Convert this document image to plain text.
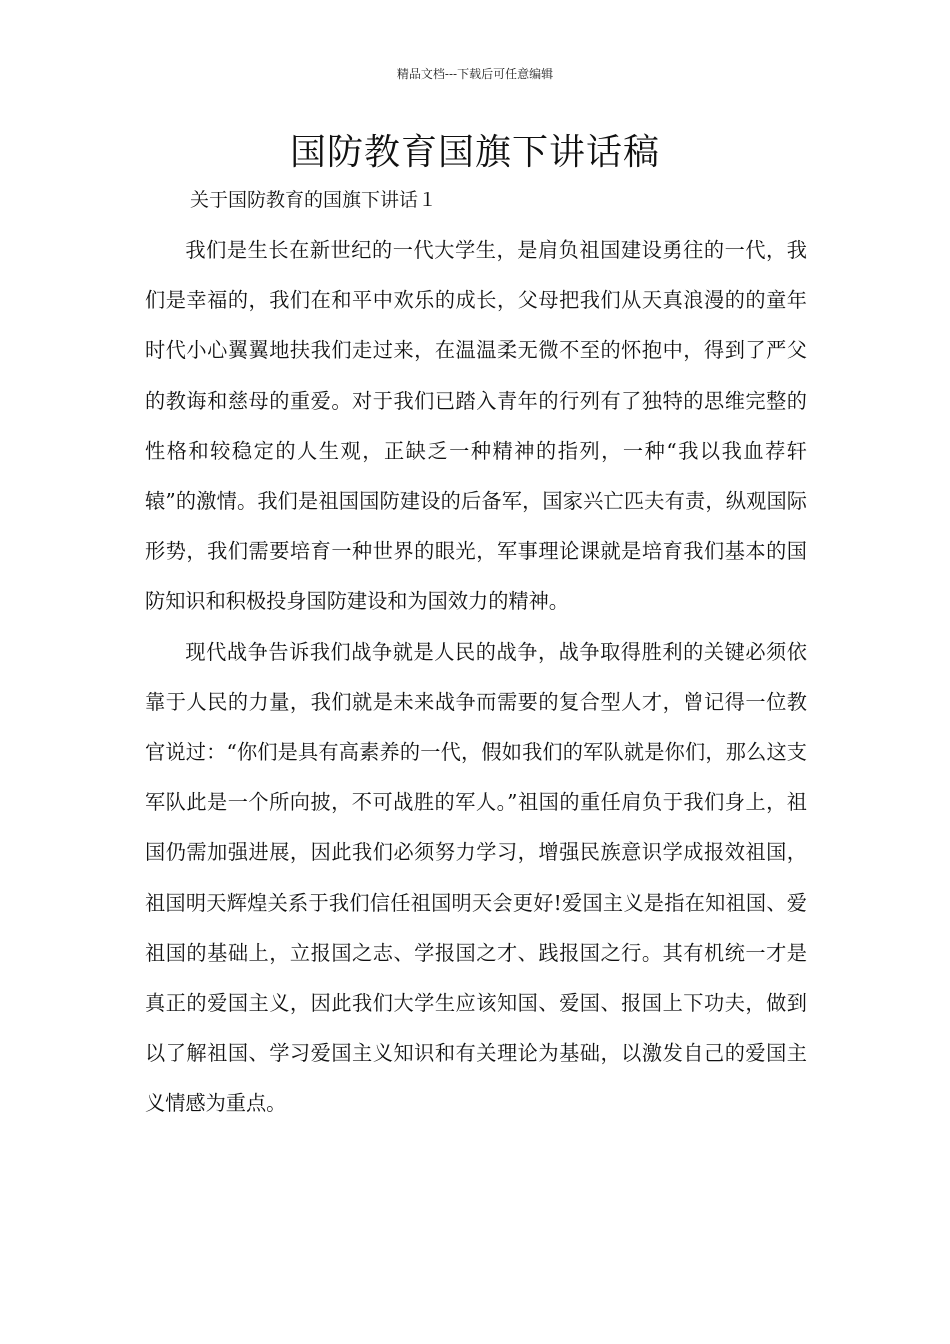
精品文档---下载后可任意编辑
国防教育国旗下讲话稿
关于国防教育的国旗下讲话１

我们是生长在新世纪的一代大学生，是肩负祖国建设勇往的一代，我们是幸福的，我们在和平中欢乐的成长，父母把我们从天真浪漫的的童年时代小心翼翼地扶我们走过来，在温温柔无微不至的怀抱中，得到了严父的教诲和慈母的重爱。对于我们已踏入青年的行列有了独特的思维完整的性格和较稳定的人生观，正缺乏一种精神的指列，一种“我以我血荐轩辕”的激情。我们是祖国国防建设的后备军，国家兴亡匹夫有责，纵观国际形势，我们需要培育一种世界的眼光，军事理论课就是培育我们基本的国防知识和积极投身国防建设和为国效力的精神。

现代战争告诉我们战争就是人民的战争，战争取得胜利的关键必须依靠于人民的力量，我们就是未来战争而需要的复合型人才，曾记得一位教官说过：“你们是具有高素养的一代，假如我们的军队就是你们，那么这支军队此是一个所向披，不可战胜的军人。”祖国的重任肩负于我们身上，祖国仍需加强进展，因此我们必须努力学习，增强民族意识学成报效祖国，祖国明天辉煌关系于我们信任祖国明天会更好!爱国主义是指在知祖国、爱祖国的基础上，立报国之志、学报国之才、践报国之行。其有机统一才是真正的爱国主义，因此我们大学生应该知国、爱国、报国上下功夫，做到以了解祖国、学习爱国主义知识和有关理论为基础，以激发自己的爱国主义情感为重点。
